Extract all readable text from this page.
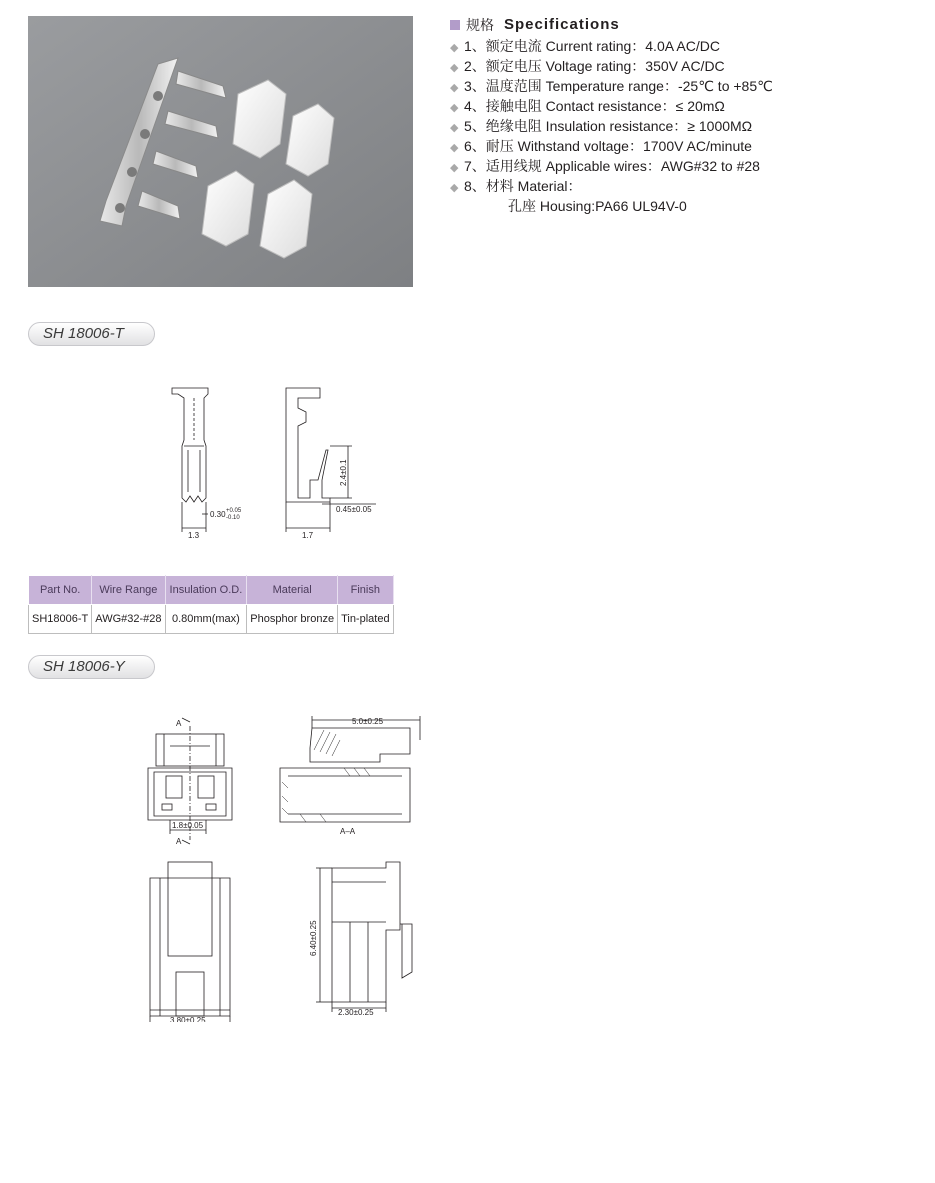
规格 Specifications
◆ 1、额定电流 Current rating：4.0A AC/DC
◆ 2、额定电压 Voltage rating：350V AC/DC
◆ 3、温度范围 Temperature range：-25℃ to +85℃
◆ 4、接触电阻 Contact resistance：≤ 20mΩ
◆ 5、绝缘电阻 Insulation resistance：≥ 1000MΩ
◆ 6、耐压 Withstand voltage：1700V AC/minute
◆ 7、适用线规 Applicable wires：AWG#32 to #28
◆ 8、材料 Material：
孔座 Housing:PA66 UL94V-0
SH 18006-T
1.3
0.30 +0.05
-0.10
1.7
2.4±0.1
0.45±0.05
Part No.	Wire Range	Insulation O.D.	Material	Finish
SH18006-T	AWG#32-#28	0.80mm(max)	Phosphor bronze	Tin-plated
SH 18006-Y
A
A
1.8±0.05
5.0±0.25
A–A
3.80±0.25
6.40±0.25
2.30±0.25
